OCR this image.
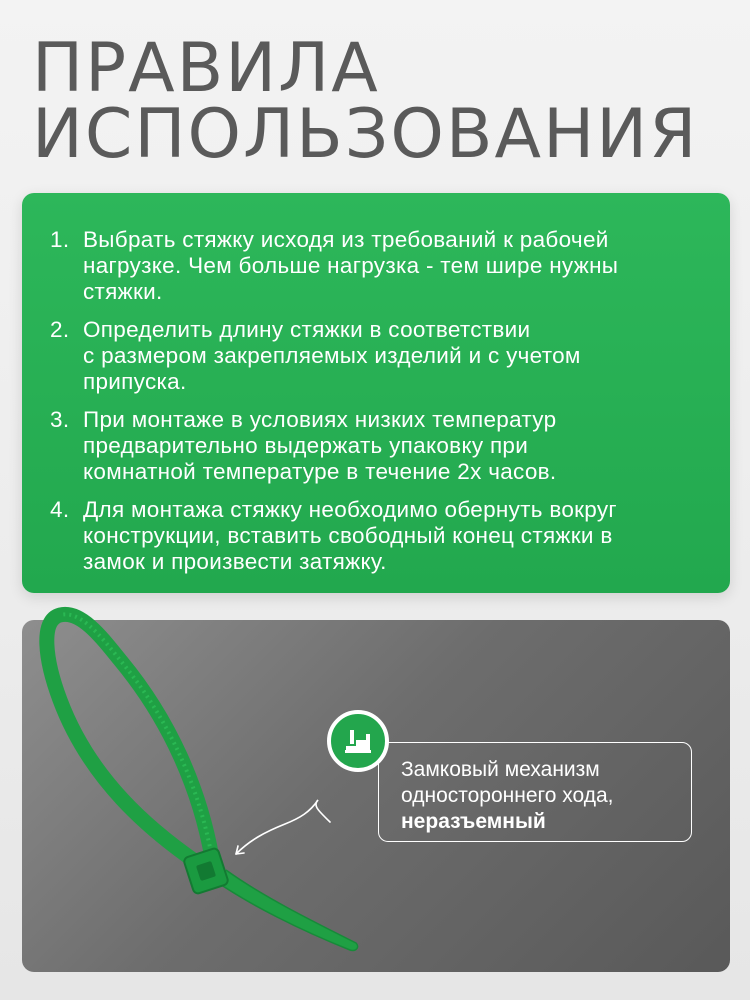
ПРАВИЛА
ИСПОЛЬЗОВАНИЯ
1. Выбрать стяжку исходя из требований к рабочей
нагрузке. Чем больше нагрузка - тем шире нужны
стяжки.
2. Определить длину стяжки в соответствии
с размером закрепляемых изделий и с учетом
припуска.
3. При монтаже в условиях низких температур
предварительно выдержать упаковку при
комнатной температуре в течение 2х часов.
4. Для монтажа стяжку необходимо обернуть вокруг
конструкции, вставить свободный конец стяжки в
замок и произвести затяжку.
Замковый механизм
одностороннего хода,
неразъемный
